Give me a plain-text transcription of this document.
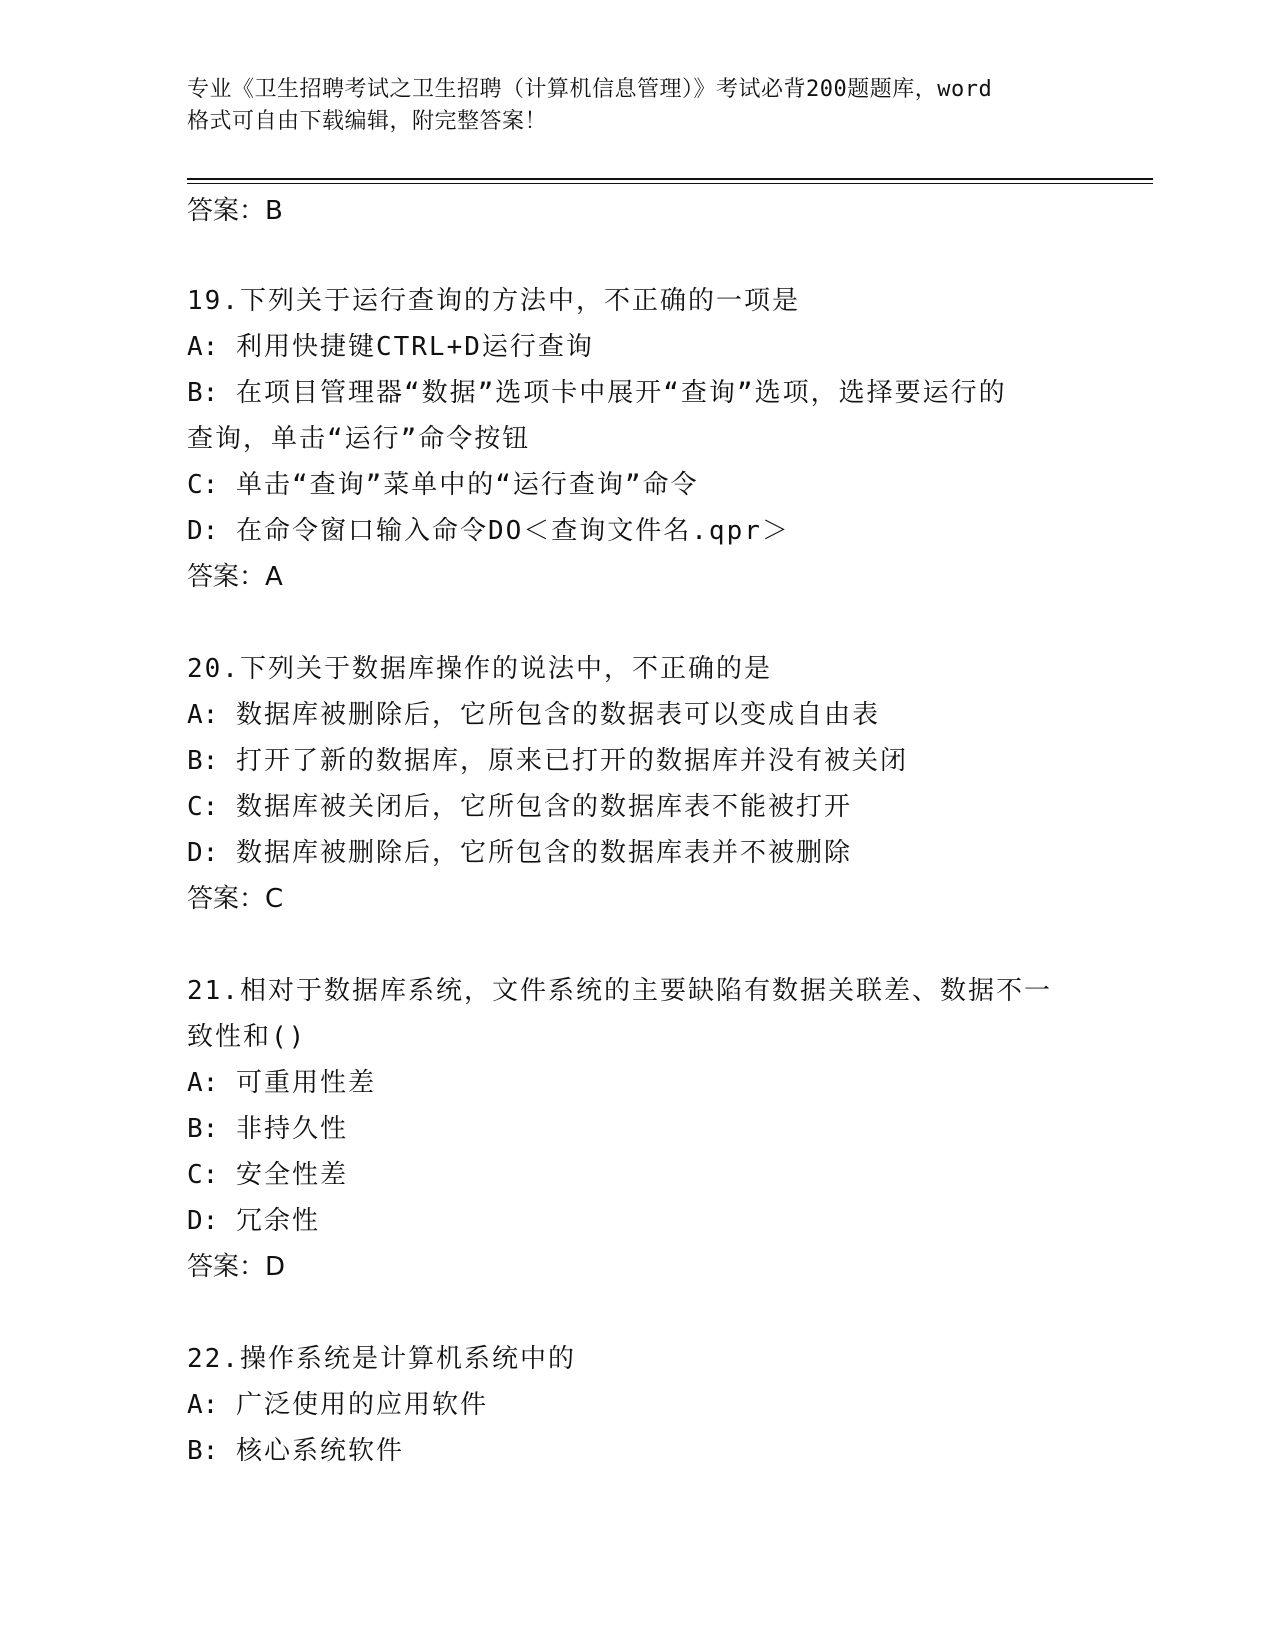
专业《卫生招聘考试之卫生招聘（计算机信息管理）》考试必背200题题库，word

格式可自由下载编辑，附完整答案！

答案：B

19.下列关于运行查询的方法中，不正确的一项是

A: 利用快捷键CTRL+D运行查询

B: 在项目管理器“数据”选项卡中展开“查询”选项，选择要运行的

查询，单击“运行”命令按钮

C: 单击“查询”菜单中的“运行查询”命令

D: 在命令窗口输入命令DO＜查询文件名.qpr＞

答案：A

20.下列关于数据库操作的说法中，不正确的是

A: 数据库被删除后，它所包含的数据表可以变成自由表

B: 打开了新的数据库，原来已打开的数据库并没有被关闭

C: 数据库被关闭后，它所包含的数据库表不能被打开

D: 数据库被删除后，它所包含的数据库表并不被删除

答案：C

21.相对于数据库系统，文件系统的主要缺陷有数据关联差、数据不一

致性和()

A: 可重用性差

B: 非持久性

C: 安全性差

D: 冗余性

答案：D

22.操作系统是计算机系统中的

A: 广泛使用的应用软件

B: 核心系统软件
